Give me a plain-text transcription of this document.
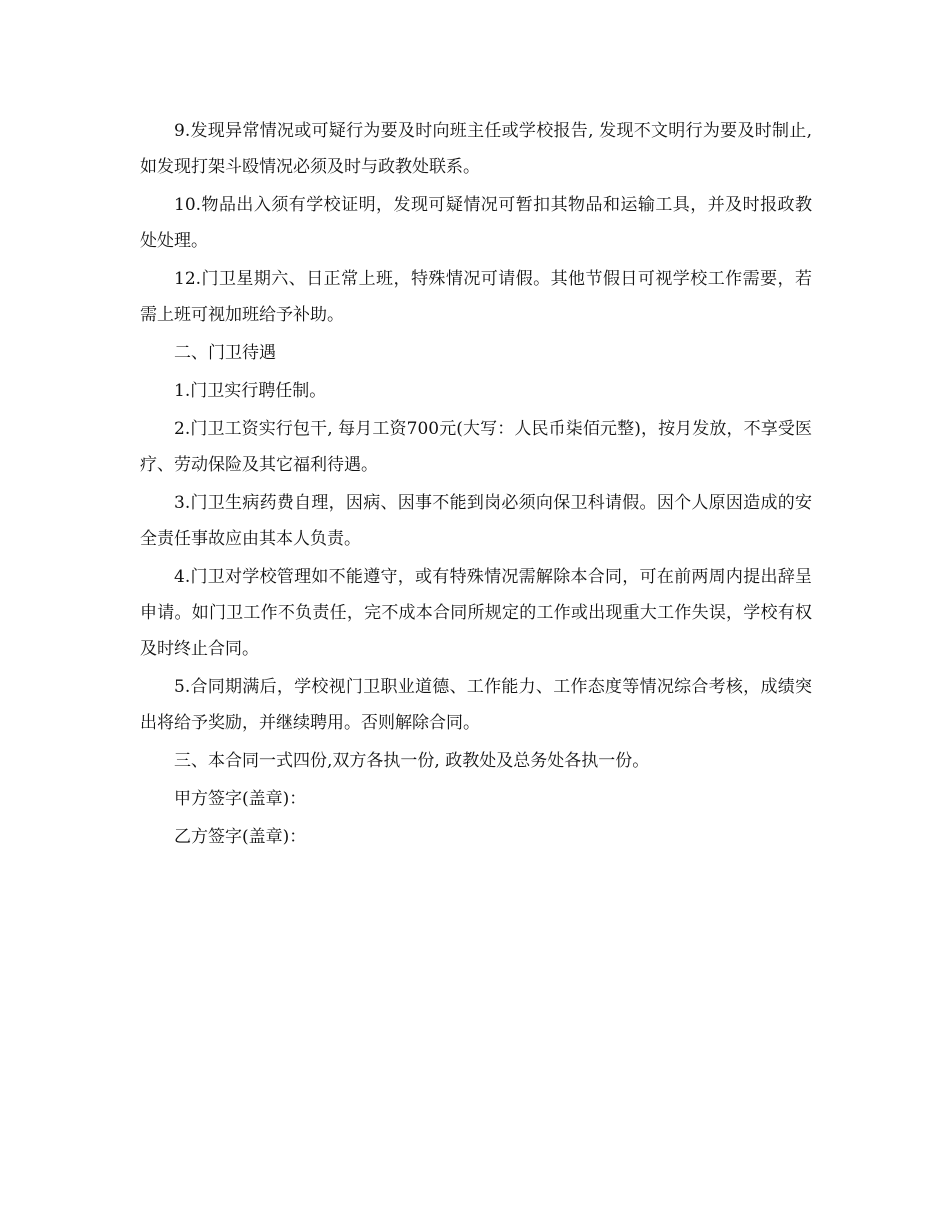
9.发现异常情况或可疑行为要及时向班主任或学校报告, 发现不文明行为要及时制止, 如发现打架斗殴情况必须及时与政教处联系。

10.物品出入须有学校证明，发现可疑情况可暂扣其物品和运输工具，并及时报政教处处理。

12.门卫星期六、日正常上班，特殊情况可请假。其他节假日可视学校工作需要，若需上班可视加班给予补助。

二、门卫待遇

1.门卫实行聘任制。

2.门卫工资实行包干, 每月工资700元(大写：人民币柒佰元整)，按月发放，不享受医疗、劳动保险及其它福利待遇。

3.门卫生病药费自理，因病、因事不能到岗必须向保卫科请假。因个人原因造成的安全责任事故应由其本人负责。

4.门卫对学校管理如不能遵守，或有特殊情况需解除本合同，可在前两周内提出辞呈申请。如门卫工作不负责任，完不成本合同所规定的工作或出现重大工作失误，学校有权及时终止合同。

5.合同期满后，学校视门卫职业道德、工作能力、工作态度等情况综合考核，成绩突出将给予奖励，并继续聘用。否则解除合同。

三、本合同一式四份,双方各执一份, 政教处及总务处各执一份。

甲方签字(盖章)：

乙方签字(盖章)：
